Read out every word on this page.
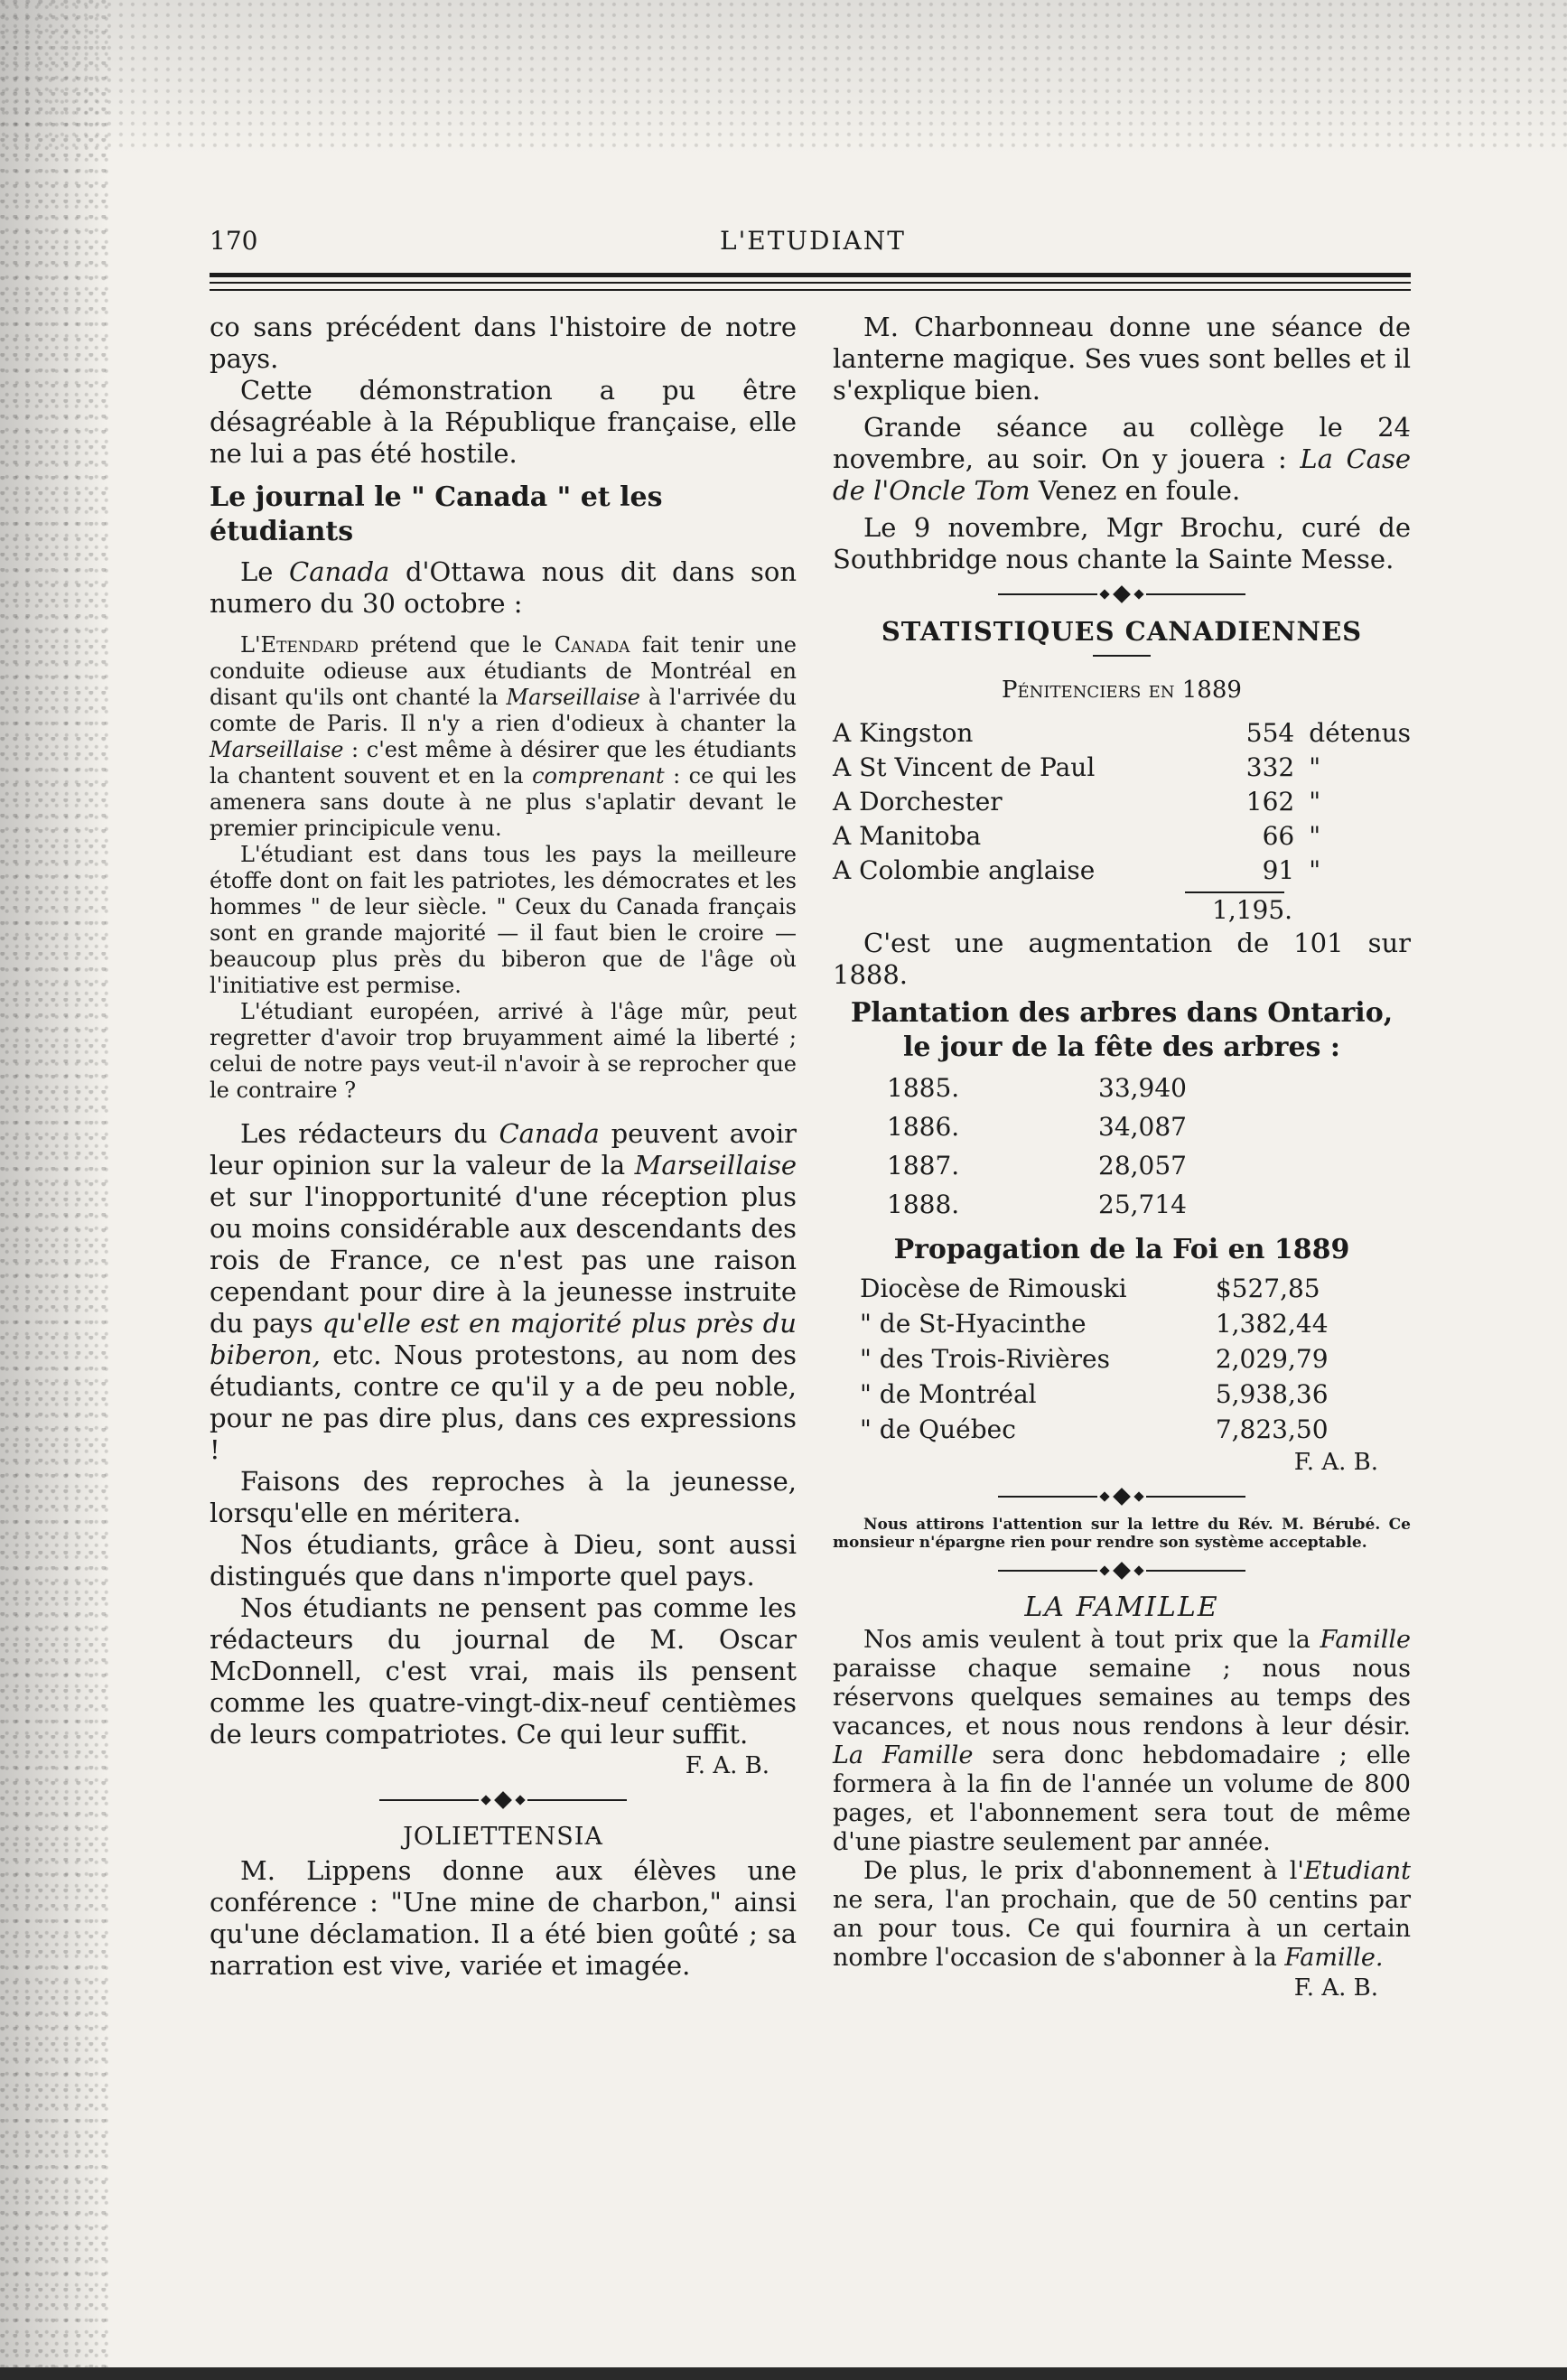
170	L'ETUDIANT

co sans précédent dans l'histoire de notre pays.

Cette démonstration a pu être désagréable à la République française, elle ne lui a pas été hostile.

Le journal le " Canada " et les étudiants

Le Canada d'Ottawa nous dit dans son numero du 30 octobre :

L'Etendard prétend que le Canada fait tenir une conduite odieuse aux étudiants de Montréal en disant qu'ils ont chanté la Marseillaise à l'arrivée du comte de Paris. Il n'y a rien d'odieux à chanter la Marseillaise : c'est même à désirer que les étudiants la chantent souvent et en la comprenant : ce qui les amenera sans doute à ne plus s'aplatir devant le premier principicule venu.

L'étudiant est dans tous les pays la meilleure étoffe dont on fait les patriotes, les démocrates et les hommes " de leur siècle. " Ceux du Canada français sont en grande majorité — il faut bien le croire — beaucoup plus près du biberon que de l'âge où l'initiative est permise.

L'étudiant européen, arrivé à l'âge mûr, peut regretter d'avoir trop bruyamment aimé la liberté ; celui de notre pays veut-il n'avoir à se reprocher que le contraire ?

Les rédacteurs du Canada peuvent avoir leur opinion sur la valeur de la Marseillaise et sur l'inopportunité d'une réception plus ou moins considérable aux descendants des rois de France, ce n'est pas une raison cependant pour dire à la jeunesse instruite du pays qu'elle est en majorité plus près du biberon, etc. Nous protestons, au nom des étudiants, contre ce qu'il y a de peu noble, pour ne pas dire plus, dans ces expressions !

Faisons des reproches à la jeunesse, lorsqu'elle en méritera.

Nos étudiants, grâce à Dieu, sont aussi distingués que dans n'importe quel pays.

Nos étudiants ne pensent pas comme les rédacteurs du journal de M. Oscar McDonnell, c'est vrai, mais ils pensent comme les quatre-vingt-dix-neuf centièmes de leurs compatriotes. Ce qui leur suffit.

F. A. B.
JOLIETTENSIA

M. Lippens donne aux élèves une conférence : "Une mine de charbon," ainsi qu'une déclamation. Il a été bien goûté ; sa narration est vive, variée et imagée.

M. Charbonneau donne une séance de lanterne magique. Ses vues sont belles et il s'explique bien.

Grande séance au collège le 24 novembre, au soir. On y jouera : La Case de l'Oncle Tom Venez en foule.

Le 9 novembre, Mgr Brochu, curé de Southbridge nous chante la Sainte Messe.

STATISTIQUES CANADIENNES
Pénitenciers en 1889
A Kingston	554	détenus
A St Vincent de Paul	332	"
A Dorchester	162	"
A Manitoba	66	"
A Colombie anglaise	91	"
1,195.

C'est une augmentation de 101 sur 1888.

Plantation des arbres dans Ontario, le jour de la fête des arbres :
1885.	33,940
1886.	34,087
1887.	28,057
1888.	25,714
Propagation de la Foi en 1889
Diocèse de Rimouski	$527,85
" de St-Hyacinthe	1,382,44
" des Trois-Rivières	2,029,79
" de Montréal	5,938,36
" de Québec	7,823,50
F. A. B.

Nous attirons l'attention sur la lettre du Rév. M. Bérubé. Ce monsieur n'épargne rien pour rendre son système acceptable.

LA FAMILLE

Nos amis veulent à tout prix que la Famille paraisse chaque semaine ; nous nous réservons quelques semaines au temps des vacances, et nous nous rendons à leur désir. La Famille sera donc hebdomadaire ; elle formera à la fin de l'année un volume de 800 pages, et l'abonnement sera tout de même d'une piastre seulement par année.

De plus, le prix d'abonnement à l'Etudiant ne sera, l'an prochain, que de 50 centins par an pour tous. Ce qui fournira à un certain nombre l'occasion de s'abonner à la Famille.

F. A. B.
